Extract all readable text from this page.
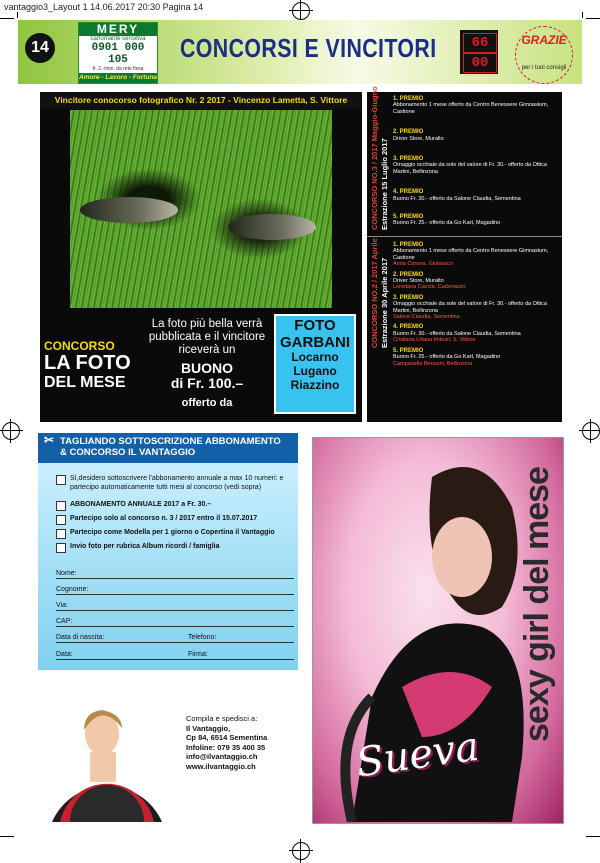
vantaggio3_Layout 1 14.06.2017 20:30 Pagina 14
14
MERY
cartomante sensitiva
0901 000 105
fr. 2.-/min. da rete fissa
Amore - Lavoro - Fortuna
CONCORSI E VINCITORI	66
00
GRAZIE
per i tuoi consigli
Vincitore conocorso fotografico Nr. 2 2017 - Vincenzo Lametta, S. Vittore
CONCORSO
LA FOTO
DEL MESE
La foto più bella verrà pubblicata e il vincitore riceverà un
BUONO
di Fr. 100.–
offerto da
FOTO
GARBANI
Locarno
Lugano
Riazzino
CONCORSO NO.3 / 2017 Maggio-Giugno Estrazione 15 Luglio 2017
1. PREMIO
Abbonamento 1 mese offerto da Centro Benessere Gimnasium, Castione
2. PREMIO
Driver Store, Muralto
3. PREMIO
Omaggio occhiale da sole del valore di Fr. 30.- offerto da Ottica Martini, Bellinzona
4. PREMIO
Buono Fr. 30.- offerto da Salone Claudia, Sementina
5. PREMIO
Buono Fr. 25.- offerto da Go Kart, Magadino
CONCORSO NO.2 / 2017 Aprile Estrazione 30 Aprile 2017
1. PREMIO
Abbonamento 1 mese offerto da Centro Benessere Gimnasium, Castione
Anna Corona, Giubiasco
2. PREMIO
Driver Store, Muralto
Loredana Caccia, Cadenazzo
3. PREMIO
Omaggio occhiale da sole del valore di Fr. 30.- offerto da Ottica Martini, Bellinzona
Salone Claudia, Sementina
4. PREMIO
Buono Fr. 30.- offerto da Salone Claudia, Sementina
Cristiana Liliana Imbuzi, S. Vittore
5. PREMIO
Buono Fr. 25.- offerto da Go Kart, Magadino
Campanella Benzoni, Bellinzona
✂ TAGLIANDO SOTTOSCRIZIONE ABBONAMENTO
& CONCORSO IL VANTAGGIO
Sì,desidero sottoscrivere l'abbonamento annuale a max 10 numeri: e partecipo automaticamente tutti mesi al concorso (vedi sopra)
ABBONAMENTO ANNUALE 2017 a Fr. 30.–
Partecipo solo al concorso n. 3 / 2017 entro il 15.07.2017
Partecipo come Modella per 1 giorno o Copertina il Vantaggio
Invio foto per rubrica Album ricordi / famiglia
Nome:
Cognome:
Via:
CAP:
Data di nascita:	Telefono:
Data:	Firma:
Compila e spedisci a:
Il Vantaggio,
Cp 84, 6514 Sementina
Infoline: 079 35 400 35
info@ilvantaggio.ch
www.ilvantaggio.ch
sexy girl del mese
Sueva
